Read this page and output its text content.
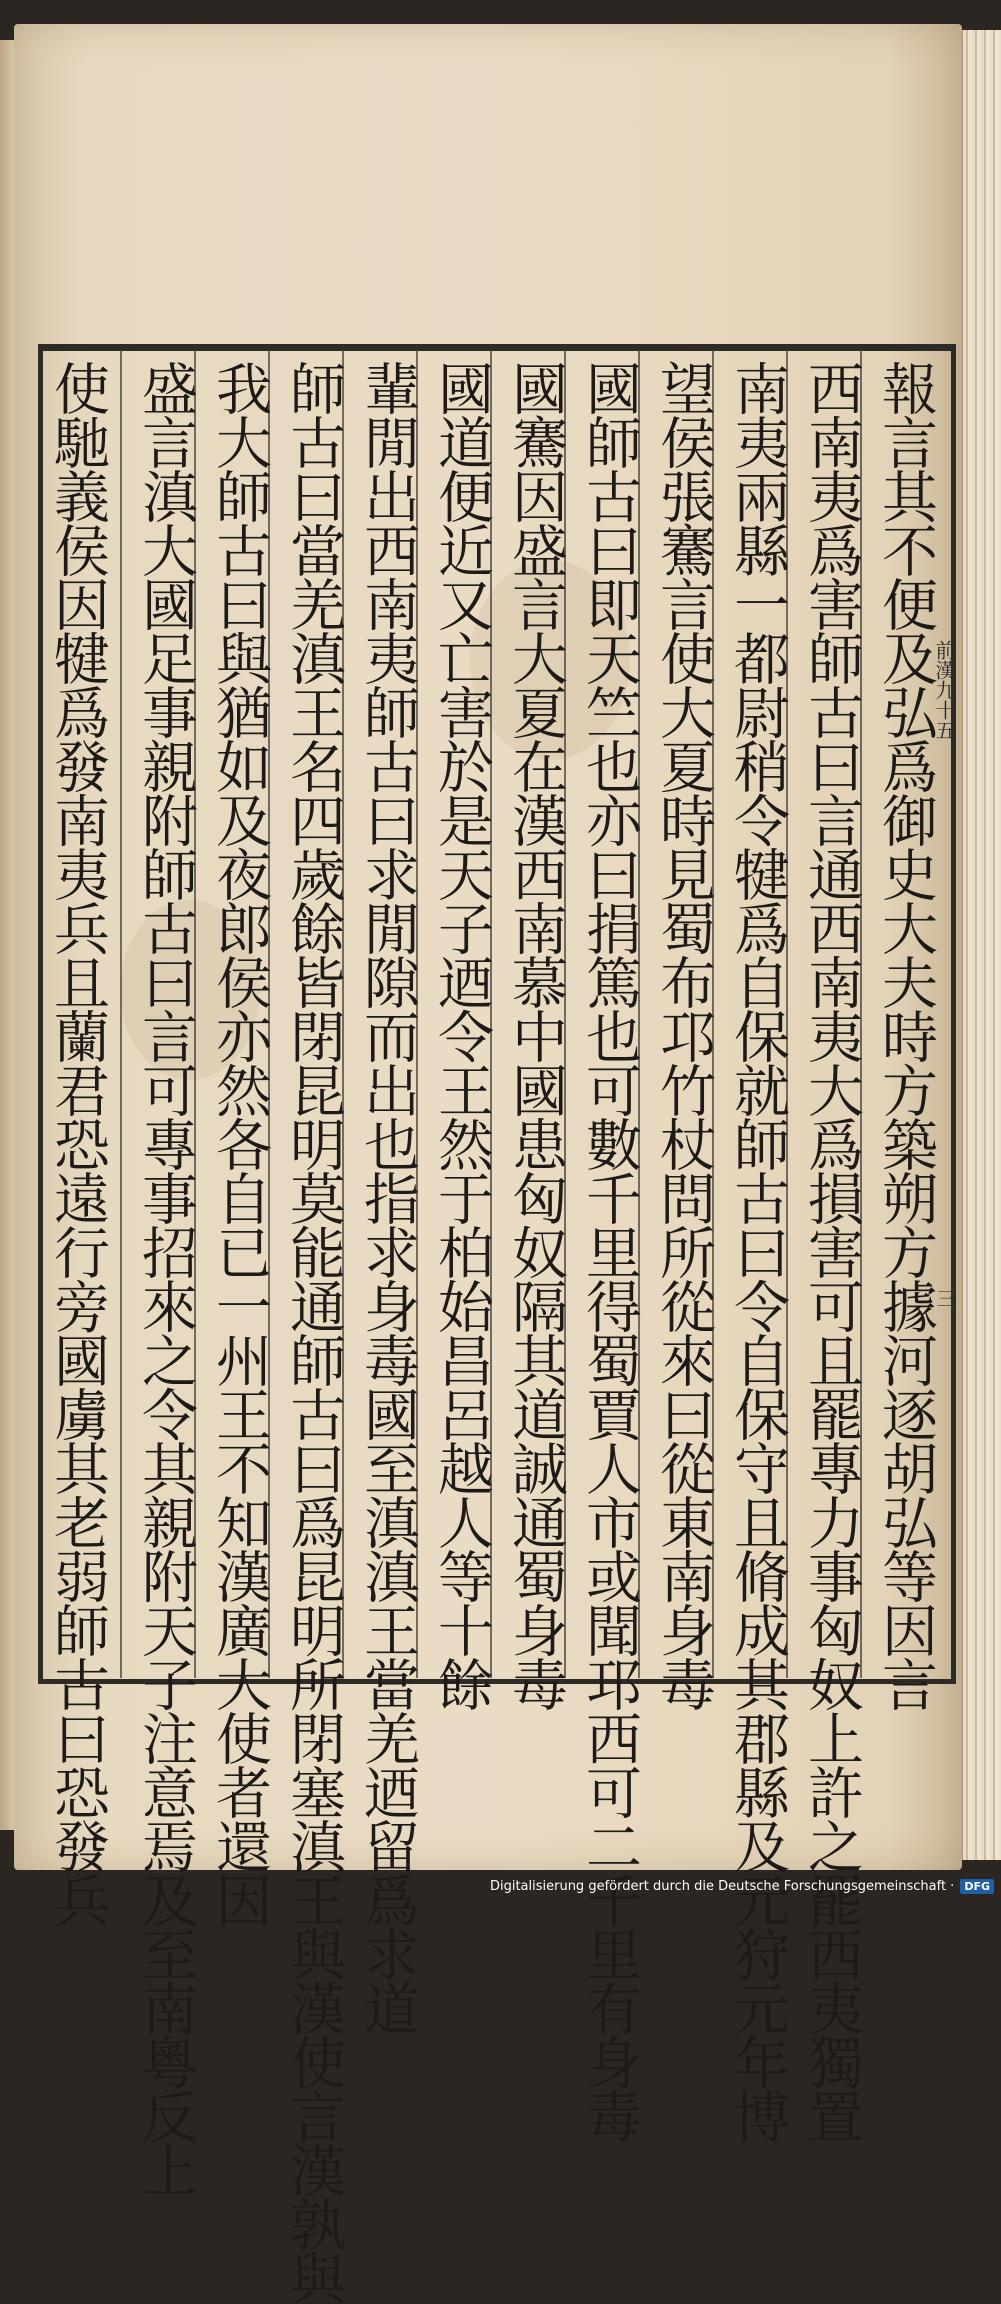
報言其不便及弘爲御史大夫時方築朔方據河逐胡弘等因言
西南夷爲害師古曰言通西南夷大爲損害可且罷專力事匈奴上許之罷西夷獨置
南夷兩縣一都尉稍令犍爲自保就師古曰令自保守且脩成其郡縣及元狩元年博
望侯張騫言使大夏時見蜀布邛竹杖問所從來曰從東南身毒
國師古曰即天竺也亦曰捐篤也可數千里得蜀賈人市或聞邛西可二千里有身毒
國騫因盛言大夏在漢西南慕中國患匈奴隔其道誠通蜀身毒
國道便近又亡害於是天子迺令王然于柏始昌呂越人等十餘
輩閒出西南夷師古曰求閒隙而出也指求身毒國至滇滇王當羌迺留爲求道
師古曰當羌滇王名四歲餘皆閉昆明莫能通師古曰爲昆明所閉塞滇王與漢使言漢孰與
我大師古曰與猶如及夜郎侯亦然各自已一州王不知漢廣大使者還因
盛言滇大國足事親附師古曰言可專事招來之令其親附天子注意焉及至南粵反上
使馳義侯因犍爲發南夷兵且蘭君恐遠行旁國虜其老弱師古曰恐發兵	前漢九十五
三
Digitalisierung gefördert durch die Deutsche Forschungsgemeinschaft · DFG
